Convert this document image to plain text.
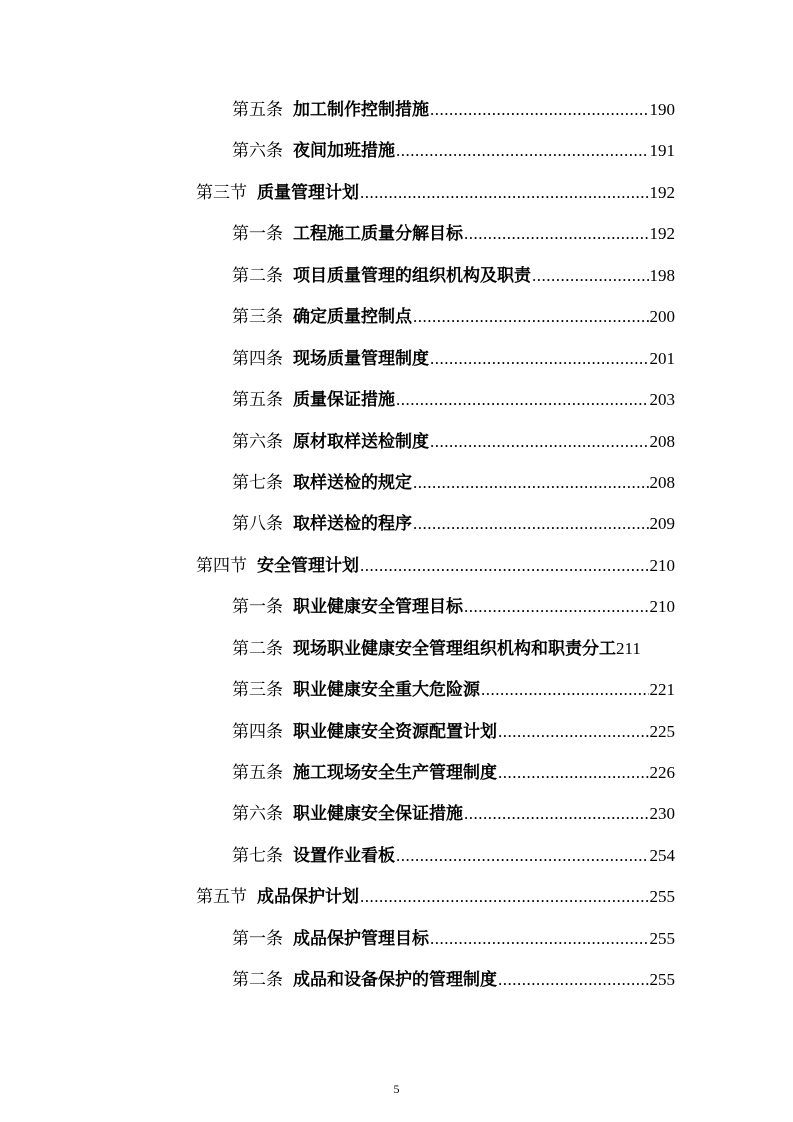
第五条 加工制作控制措施 .....	190
第六条 夜间加班措施 .....	191
第三节 质量管理计划 .....	192
第一条 工程施工质量分解目标 .....	192
第二条 项目质量管理的组织机构及职责 .....	198
第三条 确定质量控制点 .....	200
第四条 现场质量管理制度 .....	201
第五条 质量保证措施 .....	203
第六条 原材取样送检制度 .....	208
第七条 取样送检的规定 .....	208
第八条 取样送检的程序 .....	209
第四节 安全管理计划 .....	210
第一条 职业健康安全管理目标 .....	210
第二条 现场职业健康安全管理组织机构和职责分工 211
第三条 职业健康安全重大危险源 .....	221
第四条 职业健康安全资源配置计划 .....	225
第五条 施工现场安全生产管理制度 .....	226
第六条 职业健康安全保证措施 .....	230
第七条 设置作业看板 .....	254
第五节 成品保护计划 .....	255
第一条 成品保护管理目标 .....	255
第二条 成品和设备保护的管理制度 .....	255
5
